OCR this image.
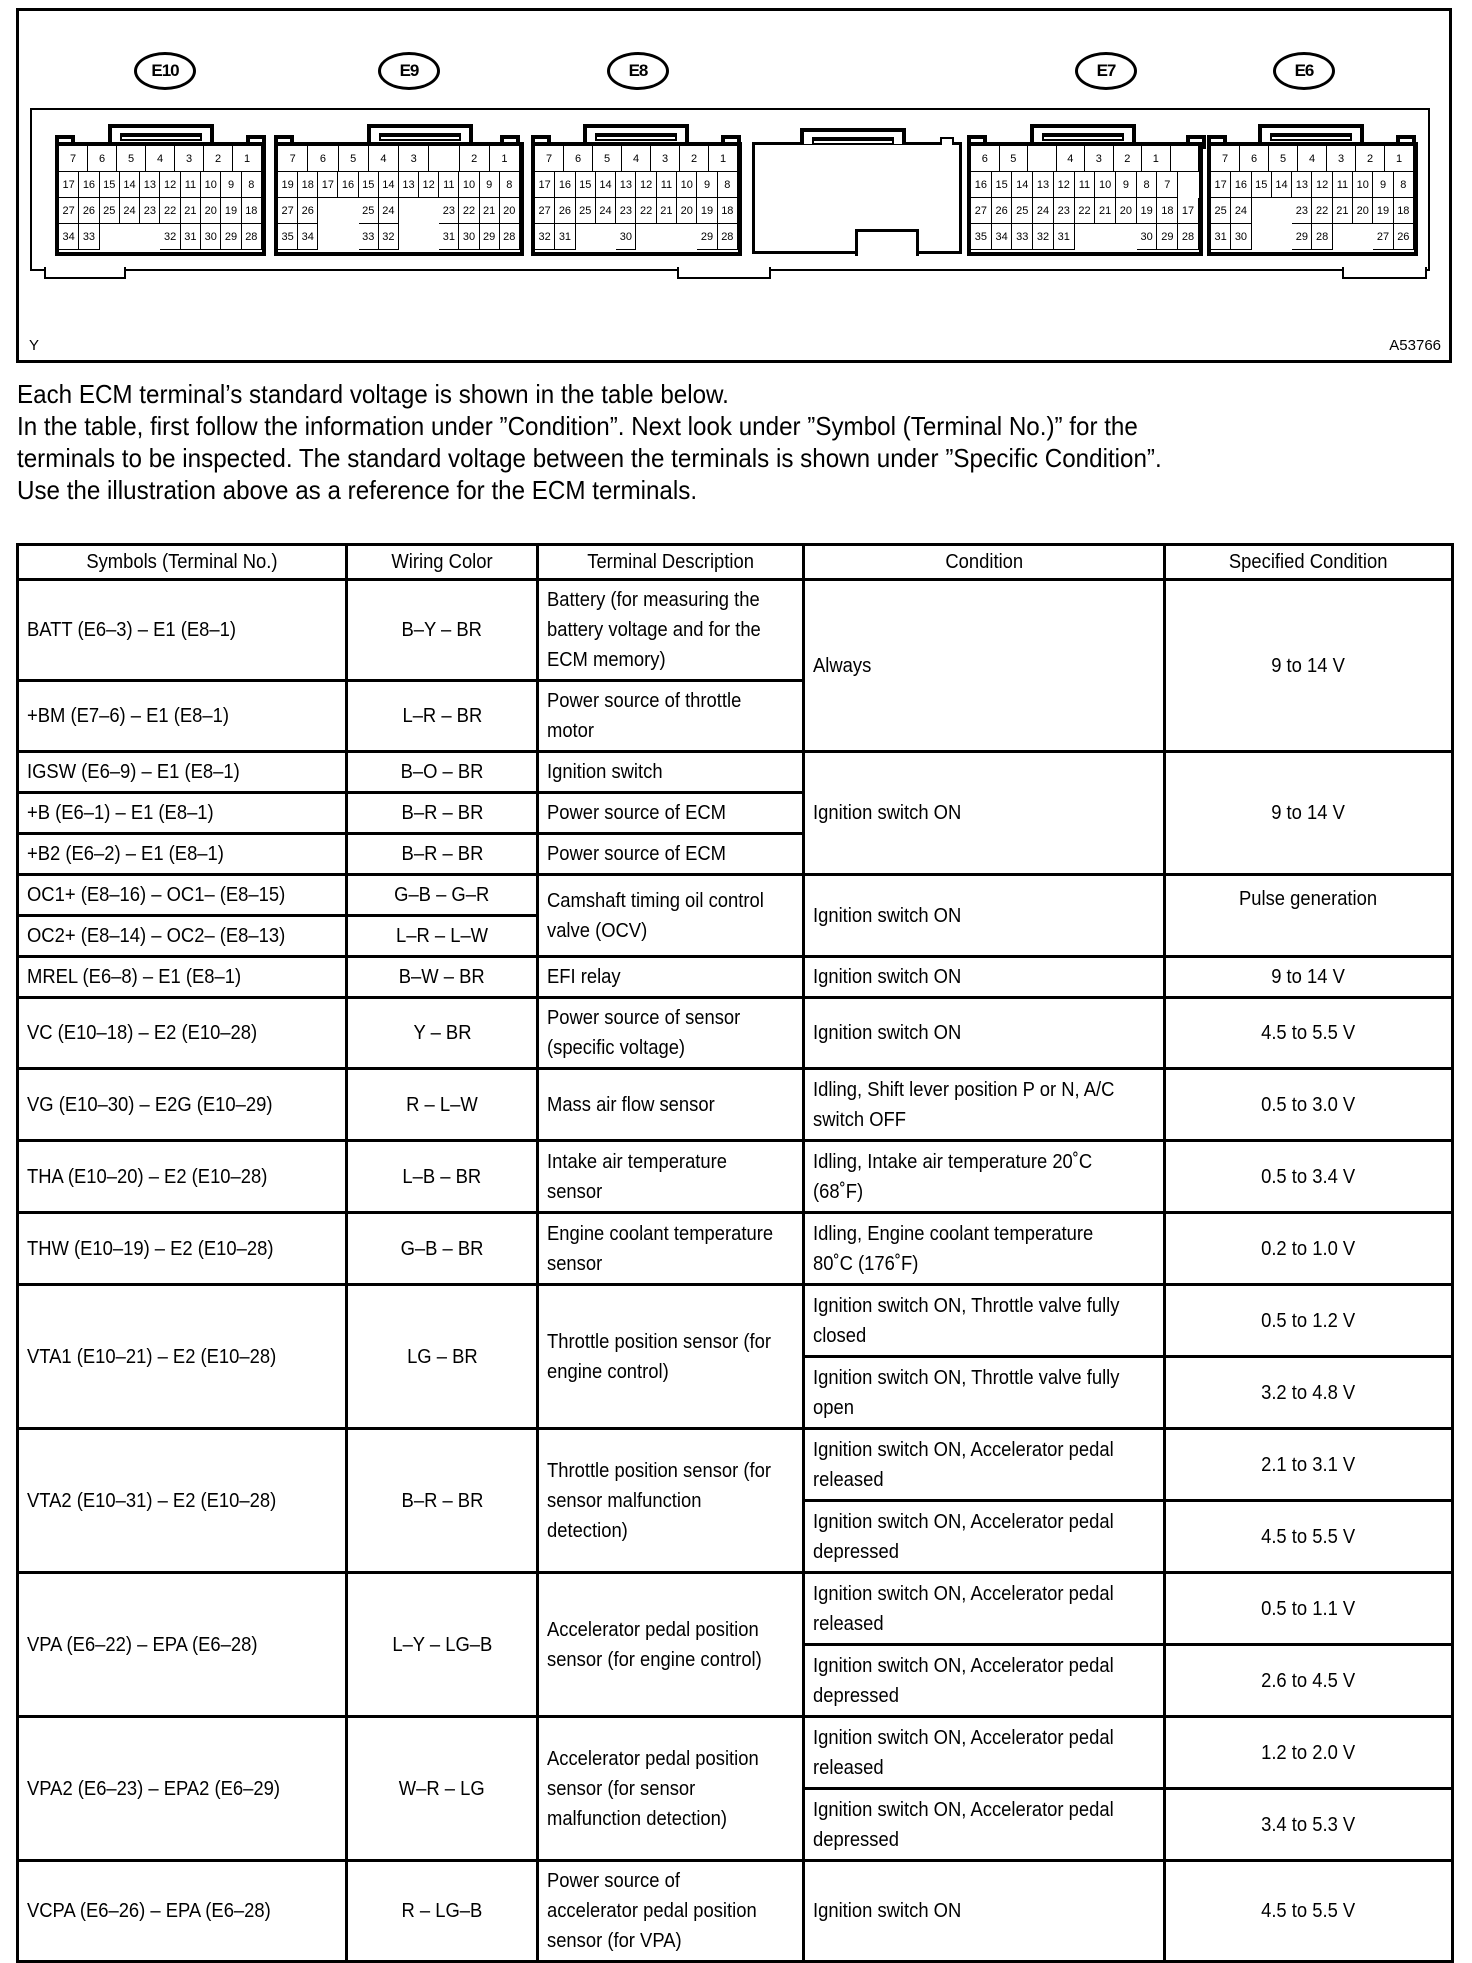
Y	A53766
E10	E9	E8	E7	E6
7	6	5	4	3	2	1
17 16 15 14 13 12 11 10	9	8
27 26 25 24 23 22 21 20 19 18
34 33	32 31 30 29 28
7	6	5	4	3	2	1
19 18 17 16 15 14 13 12 11 10 9	8
27 26	25 24	23 22 21 20
35 34	33 32	31 30 29 28
7	6	5	4	3	2	1
17 16 15 14 13 12 11 10	9	8
27 26 25 24 23 22 21 20 19 18
32 31	30	29 28
6	5	4	3	2	1
16 15 14 13 12 11 10	9	8	7
27 26 25 24 23 22 21 20 19 18 17
35 34 33 32 31	30 29 28
7	6	5	4	3	2	1
17 16 15 14 13 12 11 10	9	8
25 24	23 22 21 20 19 18
31 30	29 28	27 26
Each ECM terminal’s standard voltage is shown in the table below.
In the table, first follow the information under ”Condition”. Next look under ”Symbol (Terminal No.)” for the
terminals to be inspected. The standard voltage between the terminals is shown under ”Specific Condition”.
Use the illustration above as a reference for the ECM terminals.
Symbols (Terminal No.)	Wiring Color	Terminal Description	Condition	Specified Condition
BATT (E6–3) – E1 (E8–1)	B–Y – BR	Battery (for measuring the battery voltage and for the ECM memory)	Always	9 to 14 V
+BM (E7–6) – E1 (E8–1)	L–R – BR	Power source of throttle motor		
IGSW (E6–9) – E1 (E8–1)	B–O – BR	Ignition switch	Ignition switch ON	9 to 14 V
+B (E6–1) – E1 (E8–1)	B–R – BR	Power source of ECM		
+B2 (E6–2) – E1 (E8–1)	B–R – BR	Power source of ECM		
OC1+ (E8–16) – OC1– (E8–15)	G–B – G–R	Camshaft timing oil control valve (OCV)	Ignition switch ON	Pulse generation
OC2+ (E8–14) – OC2– (E8–13)	L–R – L–W			
MREL (E6–8) – E1 (E8–1)	B–W – BR	EFI relay	Ignition switch ON	9 to 14 V
VC (E10–18) – E2 (E10–28)	Y – BR	Power source of sensor (specific voltage)	Ignition switch ON	4.5 to 5.5 V
VG (E10–30) – E2G (E10–29)	R – L–W	Mass air flow sensor	Idling, Shift lever position P or N, A/C switch OFF	0.5 to 3.0 V
THA (E10–20) – E2 (E10–28)	L–B – BR	Intake air temperature sensor	Idling, Intake air temperature 20˚C (68˚F)	0.5 to 3.4 V
THW (E10–19) – E2 (E10–28)	G–B – BR	Engine coolant temperature sensor	Idling, Engine coolant temperature 80˚C (176˚F)	0.2 to 1.0 V
VTA1 (E10–21) – E2 (E10–28)	LG – BR	Throttle position sensor (for engine control)	Ignition switch ON, Throttle valve fully closed	0.5 to 1.2 V
			Ignition switch ON, Throttle valve fully open	3.2 to 4.8 V
VTA2 (E10–31) – E2 (E10–28)	B–R – BR	Throttle position sensor (for sensor malfunction detection)	Ignition switch ON, Accelerator pedal released	2.1 to 3.1 V
			Ignition switch ON, Accelerator pedal depressed	4.5 to 5.5 V
VPA (E6–22) – EPA (E6–28)	L–Y – LG–B	Accelerator pedal position sensor (for engine control)	Ignition switch ON, Accelerator pedal released	0.5 to 1.1 V
			Ignition switch ON, Accelerator pedal depressed	2.6 to 4.5 V
VPA2 (E6–23) – EPA2 (E6–29)	W–R – LG	Accelerator pedal position sensor (for sensor malfunction detection)	Ignition switch ON, Accelerator pedal released	1.2 to 2.0 V
			Ignition switch ON, Accelerator pedal depressed	3.4 to 5.3 V
VCPA (E6–26) – EPA (E6–28)	R – LG–B	Power source of accelerator pedal position sensor (for VPA)	Ignition switch ON	4.5 to 5.5 V
